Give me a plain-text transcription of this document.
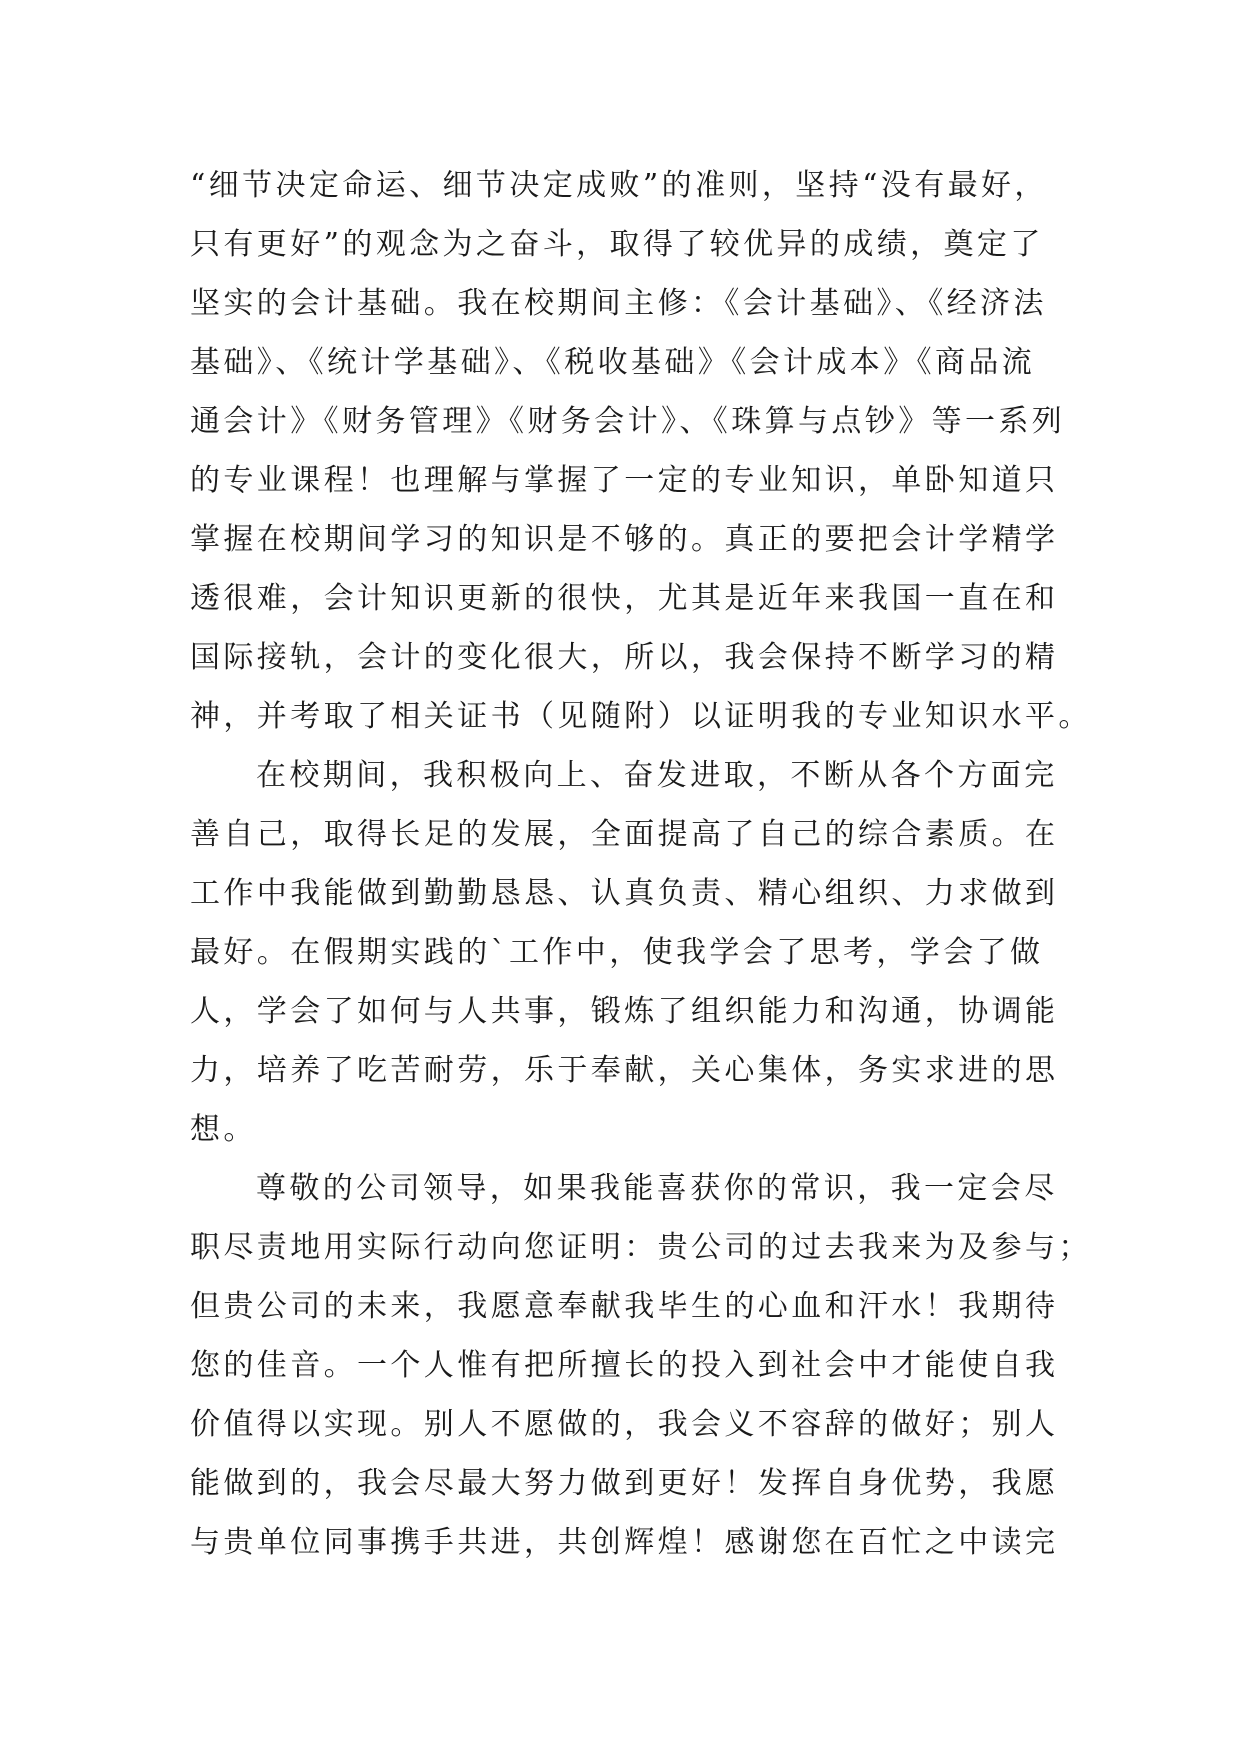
“细节决定命运、细节决定成败”的准则，坚持“没有最好，
只有更好”的观念为之奋斗，取得了较优异的成绩，奠定了
坚实的会计基础。我在校期间主修：《会计基础》、《经济法
基础》、《统计学基础》、《税收基础》《会计成本》《商品流
通会计》《财务管理》《财务会计》、《珠算与点钞》等一系列
的专业课程！也理解与掌握了一定的专业知识，单卧知道只
掌握在校期间学习的知识是不够的。真正的要把会计学精学
透很难，会计知识更新的很快，尤其是近年来我国一直在和
国际接轨，会计的变化很大，所以，我会保持不断学习的精
神，并考取了相关证书（见随附）以证明我的专业知识水平。
在校期间，我积极向上、奋发进取，不断从各个方面完
善自己，取得长足的发展，全面提高了自己的综合素质。在
工作中我能做到勤勤恳恳、认真负责、精心组织、力求做到
最好。在假期实践的`工作中，使我学会了思考，学会了做
人，学会了如何与人共事，锻炼了组织能力和沟通，协调能
力，培养了吃苦耐劳，乐于奉献，关心集体，务实求进的思
想。
尊敬的公司领导，如果我能喜获你的常识，我一定会尽
职尽责地用实际行动向您证明：贵公司的过去我来为及参与；
但贵公司的未来，我愿意奉献我毕生的心血和汗水！我期待
您的佳音。一个人惟有把所擅长的投入到社会中才能使自我
价值得以实现。别人不愿做的，我会义不容辞的做好；别人
能做到的，我会尽最大努力做到更好！发挥自身优势，我愿
与贵单位同事携手共进，共创辉煌！感谢您在百忙之中读完
